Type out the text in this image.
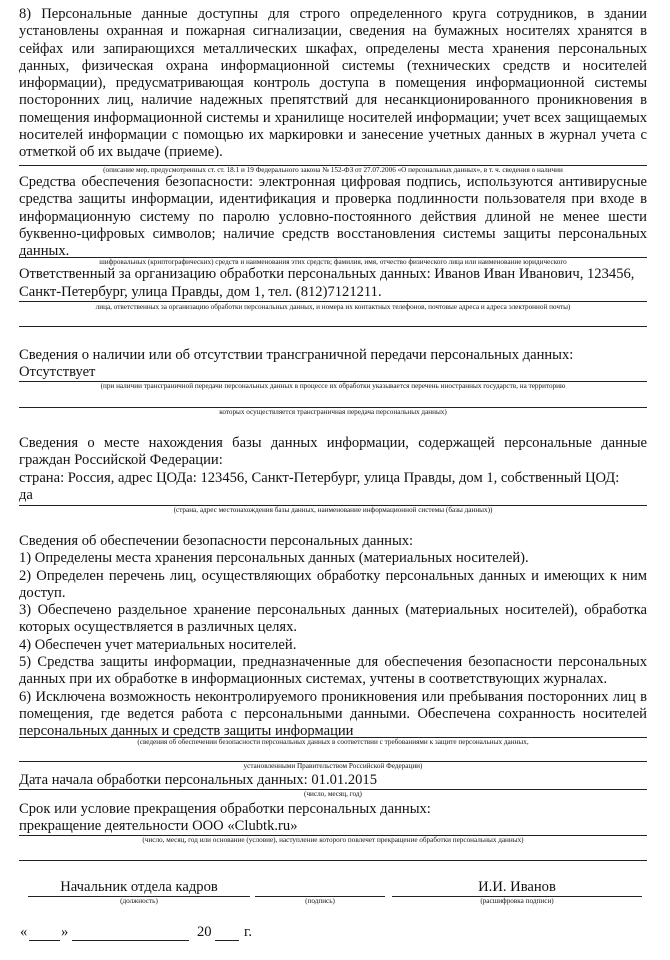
8) Персональные данные доступны для строго определенного круга сотрудников, в здании установлены охранная и пожарная сигнализации, сведения на бумажных носителях хранятся в сейфах или запирающихся металлических шкафах, определены места хранения персональных данных, физическая охрана информационной системы (технических средств и носителей информации), предусматривающая контроль доступа в помещения информационной системы посторонних лиц, наличие надежных препятствий для несанкционированного проникновения в помещения информационной системы и хранилище носителей информации; учет всех защищаемых носителей информации с помощью их маркировки и занесение учетных данных в журнал учета с отметкой об их выдаче (приеме).
(описание мер, предусмотренных ст. ст. 18.1 и 19 Федерального закона № 152-ФЗ от 27.07.2006 «О персональных данных», в т. ч. сведения о наличии
Средства обеспечения безопасности: электронная цифровая подпись, используются антивирусные средства защиты информации, идентификация и проверка подлинности пользователя при входе в информационную систему по паролю условно-постоянного действия длиной не менее шести буквенно-цифровых символов; наличие средств восстановления системы защиты персональных данных.
шифровальных (криптографических) средств и наименования этих средств; фамилия, имя, отчество физического лица или наименование юридического
Ответственный за организацию обработки персональных данных: Иванов Иван Иванович, 123456,
Санкт-Петербург, улица Правды, дом 1, тел. (812)7121211.
лица, ответственных за организацию обработки персональных данных, и номера их контактных телефонов, почтовые адреса и адреса электронной почты)
Сведения о наличии или об отсутствии трансграничной передачи персональных данных:
Отсутствует
(при наличии трансграничной передачи персональных данных в процессе их обработки указывается перечень иностранных государств, на территорию
которых осуществляется трансграничная передача персональных данных)
Сведения о месте нахождения базы данных информации, содержащей персональные данные граждан Российской Федерации:
страна: Россия, адрес ЦОДа: 123456, Санкт-Петербург, улица Правды, дом 1, собственный ЦОД:
да
(страна, адрес местонахождения базы данных, наименование информационной системы (базы данных))
Сведения об обеспечении безопасности персональных данных:
1) Определены места хранения персональных данных (материальных носителей).
2) Определен перечень лиц, осуществляющих обработку персональных данных и имеющих к ним доступ.
3) Обеспечено раздельное хранение персональных данных (материальных носителей), обработка которых осуществляется в различных целях.
4) Обеспечен учет материальных носителей.
5) Средства защиты информации, предназначенные для обеспечения безопасности персональных данных при их обработке в информационных системах, учтены в соответствующих журналах.
6) Исключена возможность неконтролируемого проникновения или пребывания посторонних лиц в помещения, где ведется работа с персональными данными. Обеспечена сохранность носителей персональных данных и средств защиты информации
(сведения об обеспечении безопасности персональных данных в соответствии с требованиями к защите персональных данных,
установленными Правительством Российской Федерации)
Дата начала обработки персональных данных: 01.01.2015
(число, месяц, год)
Срок или условие прекращения обработки персональных данных:
прекращение деятельности ООО «Clubtk.ru»
(число, месяц, год или основание (условие), наступление которого повлечет прекращение обработки персональных данных)
Начальник отдела кадров
(должность)	(подпись)
И.И. Иванов
(расшифровка подписи)
« »	20 г.
